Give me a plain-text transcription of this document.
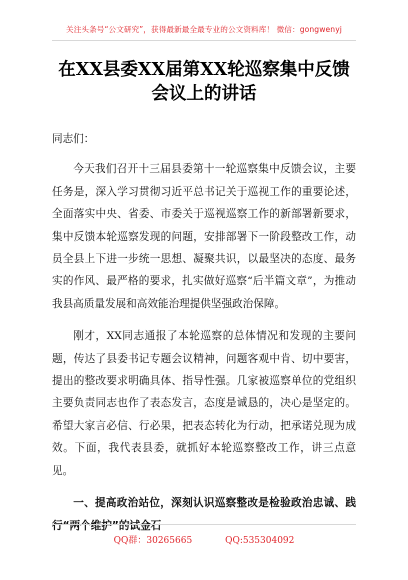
关注头条号“公文研究”，获得最新最全最专业的公文资料库！ 微信：gongwenyj
在XX县委XX届第XX轮巡察集中反馈
会议上的讲话

同志们：

今天我们召开十三届县委第十一轮巡察集中反馈会议，主要任务是，深入学习贯彻习近平总书记关于巡视工作的重要论述，全面落实中央、省委、市委关于巡视巡察工作的新部署新要求，集中反馈本轮巡察发现的问题，安排部署下一阶段整改工作，动员全县上下进一步统一思想、凝聚共识，以最坚决的态度、最务实的作风、最严格的要求，扎实做好巡察“后半篇文章”，为推动我县高质量发展和高效能治理提供坚强政治保障。

刚才，XX同志通报了本轮巡察的总体情况和发现的主要问题，传达了县委书记专题会议精神，问题客观中肯、切中要害，提出的整改要求明确具体、指导性强。几家被巡察单位的党组织主要负责同志也作了表态发言，态度是诚恳的，决心是坚定的。希望大家言必信、行必果，把表态转化为行动，把承诺兑现为成效。下面，我代表县委，就抓好本轮巡察整改工作，讲三点意见。

一、提高政治站位，深刻认识巡察整改是检验政治忠诚、践行“两个维护”的试金石

QQ群：30265665	QQ:535304092
